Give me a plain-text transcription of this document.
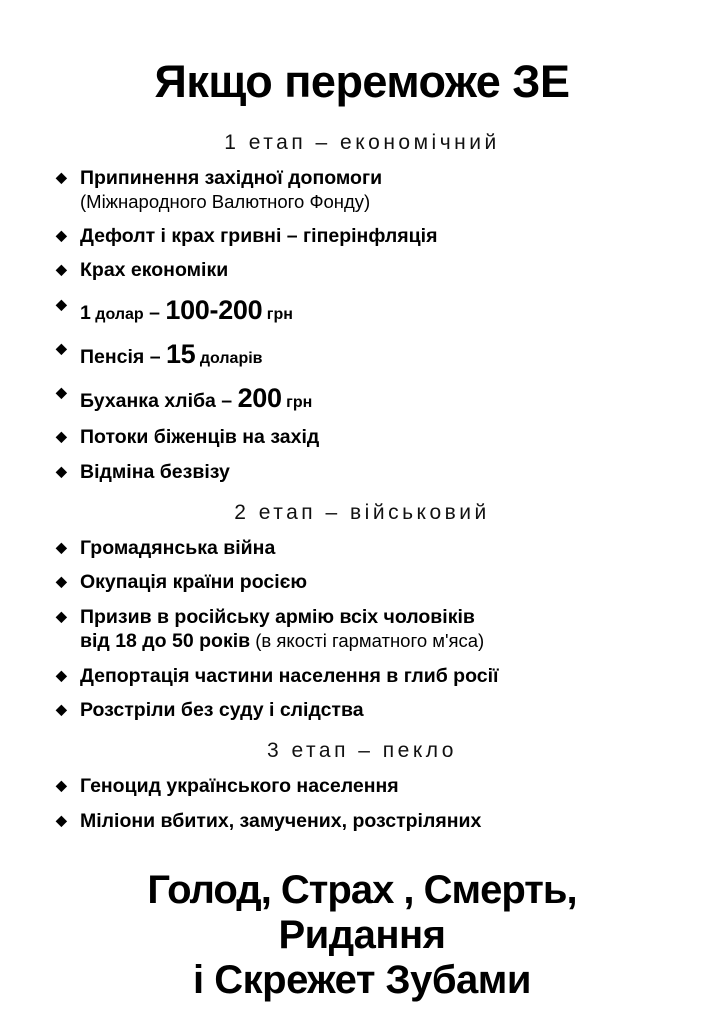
Якщо переможе ЗЕ
1 етап – економічний
◆ Припинення західної допомоги
(Міжнародного Валютного Фонду)
◆ Дефолт і крах гривні – гіперінфляція
◆ Крах економіки
◆ 1 долар – 100-200 грн
◆ Пенсія – 15 доларів
◆ Буханка хліба – 200 грн
◆ Потоки біженців на захід
◆ Відміна безвізу
2 етап – військовий
◆ Громадянська війна
◆ Окупація країни росією
◆ Призив в російську армію всіх чоловіків
від 18 до 50 років (в якості гарматного м'яса)
◆ Депортація частини населення в глиб росії
◆ Розстріли без суду і слідства
3 етап – пекло
◆ Геноцид українського населення
◆ Міліони вбитих, замучених, розстріляних
Голод, Страх , Смерть,
Ридання
і Скрежет Зубами
